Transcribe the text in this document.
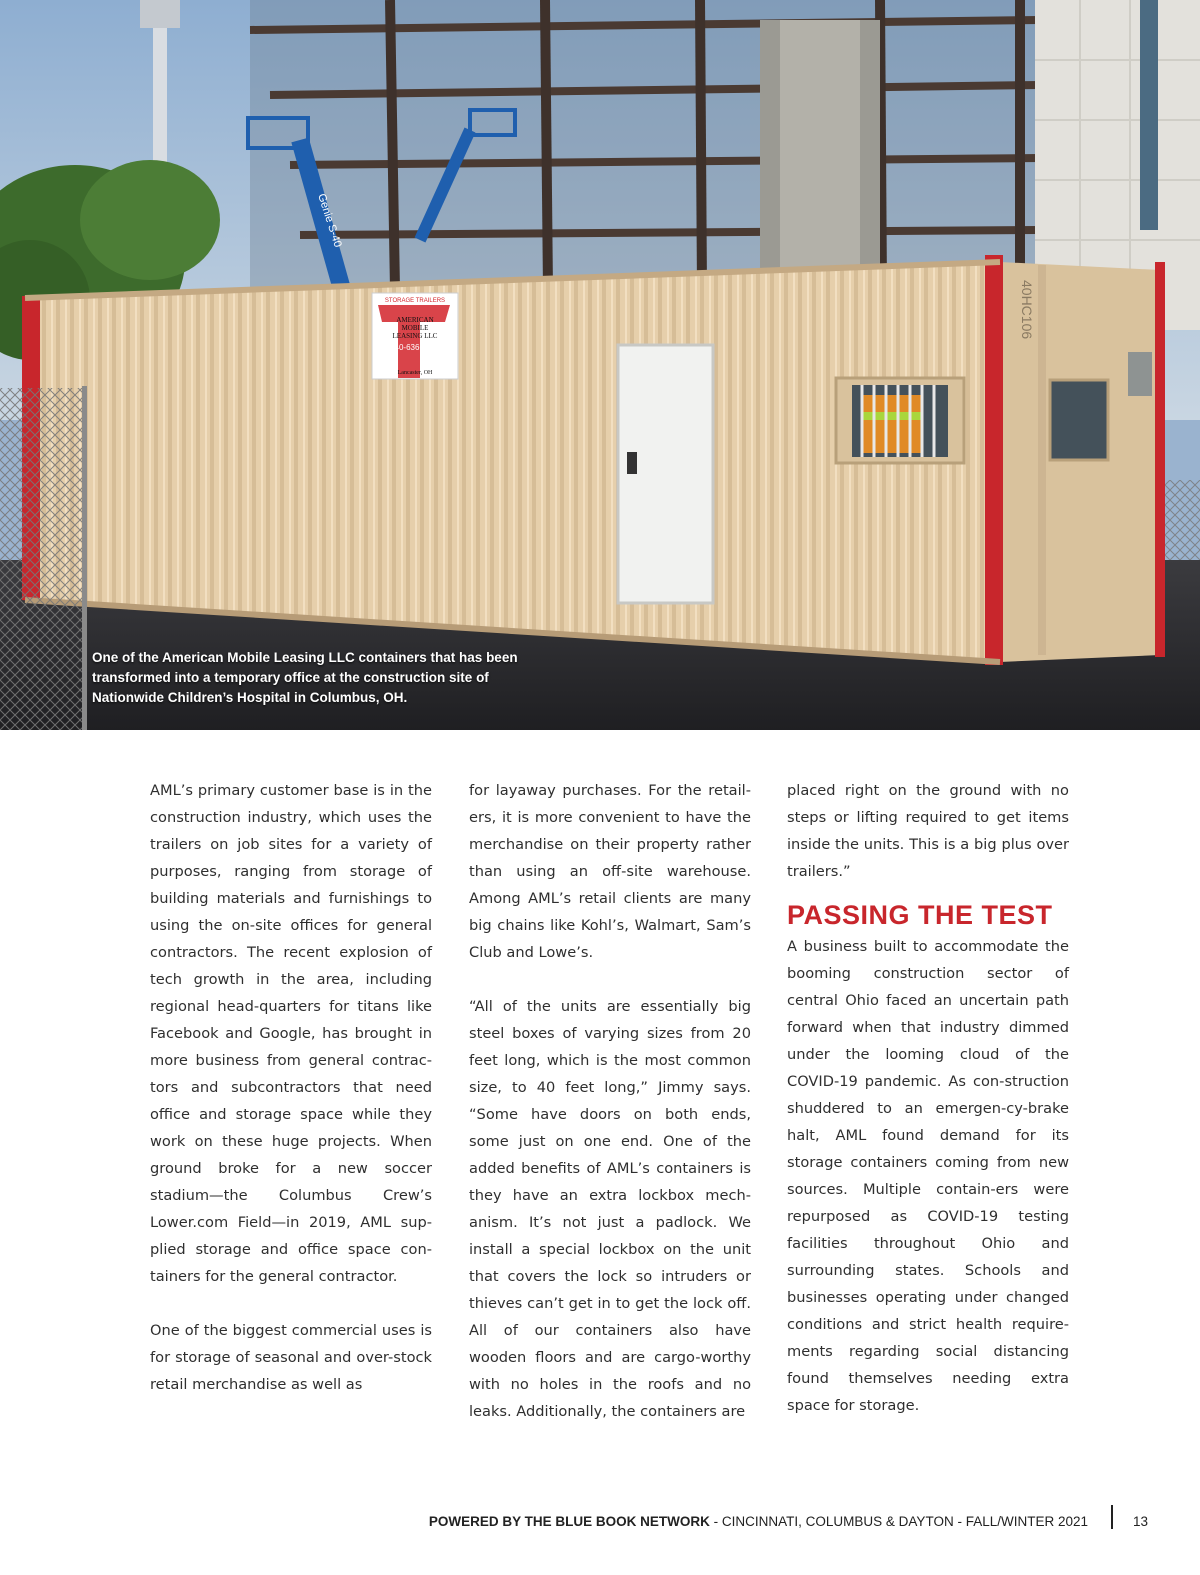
STORAGE TRAILERS
AMERICAN
MOBILE
LEASING LLC
740-636-4421
Lancaster, OH
40HC106
Genie S-40
One of the American Mobile Leasing LLC containers that has been transformed into a temporary office at the construction site of Nationwide Children’s Hospital in Columbus, OH.

AML’s primary customer base is in the construction industry, which uses the trailers on job sites for a variety of purposes, ranging from storage of building materials and furnishings to using the on-site offices for general contractors. The recent explosion of tech growth in the area, including regional head-quarters for titans like Facebook and Google, has brought in more business from general contrac-tors and subcontractors that need office and storage space while they work on these huge projects. When ground broke for a new soccer stadium—the Columbus Crew’s Lower.com Field—in 2019, AML sup-plied storage and office space con-tainers for the general contractor.

One of the biggest commercial uses is for storage of seasonal and over-stock retail merchandise as well as

for layaway purchases. For the retail-ers, it is more convenient to have the merchandise on their property rather than using an off-site warehouse. Among AML’s retail clients are many big chains like Kohl’s, Walmart, Sam’s Club and Lowe’s.

“All of the units are essentially big steel boxes of varying sizes from 20 feet long, which is the most common size, to 40 feet long,” Jimmy says. “Some have doors on both ends, some just on one end. One of the added benefits of AML’s containers is they have an extra lockbox mech-anism. It’s not just a padlock. We install a special lockbox on the unit that covers the lock so intruders or thieves can’t get in to get the lock off. All of our containers also have wooden floors and are cargo-worthy with no holes in the roofs and no leaks. Additionally, the containers are

placed right on the ground with no steps or lifting required to get items inside the units. This is a big plus over trailers.”

PASSING THE TEST

A business built to accommodate the booming construction sector of central Ohio faced an uncertain path forward when that industry dimmed under the looming cloud of the COVID-19 pandemic. As con-struction shuddered to an emergen-cy-brake halt, AML found demand for its storage containers coming from new sources. Multiple contain-ers were repurposed as COVID-19 testing facilities throughout Ohio and surrounding states. Schools and businesses operating under changed conditions and strict health require-ments regarding social distancing found themselves needing extra space for storage.

POWERED BY THE BLUE BOOK NETWORK - CINCINNATI, COLUMBUS & DAYTON - FALL/WINTER 2021	13
